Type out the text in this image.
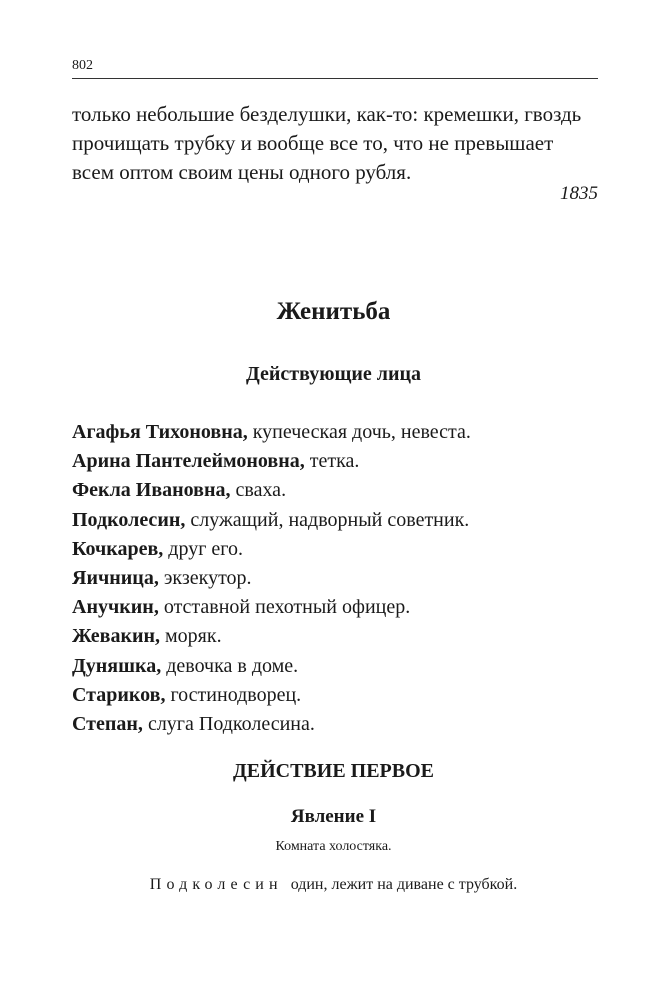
802
только небольшие безделушки, как-то: кремешки, гвоздь
прочищать трубку и вообще все то, что не превышает
всем оптом своим цены одного рубля.
1835
Женитьба
Действующие лица
Агафья Тихоновна, купеческая дочь, невеста.
Арина Пантелеймоновна, тетка.
Фекла Ивановна, сваха.
Подколесин, служащий, надворный советник.
Кочкарев, друг его.
Яичница, экзекутор.
Анучкин, отставной пехотный офицер.
Жевакин, моряк.
Дуняшка, девочка в доме.
Стариков, гостинодворец.
Степан, слуга Подколесина.
ДЕЙСТВИЕ ПЕРВОЕ
Явление I
Комната холостяка.
Подколесин один, лежит на диване с трубкой.
